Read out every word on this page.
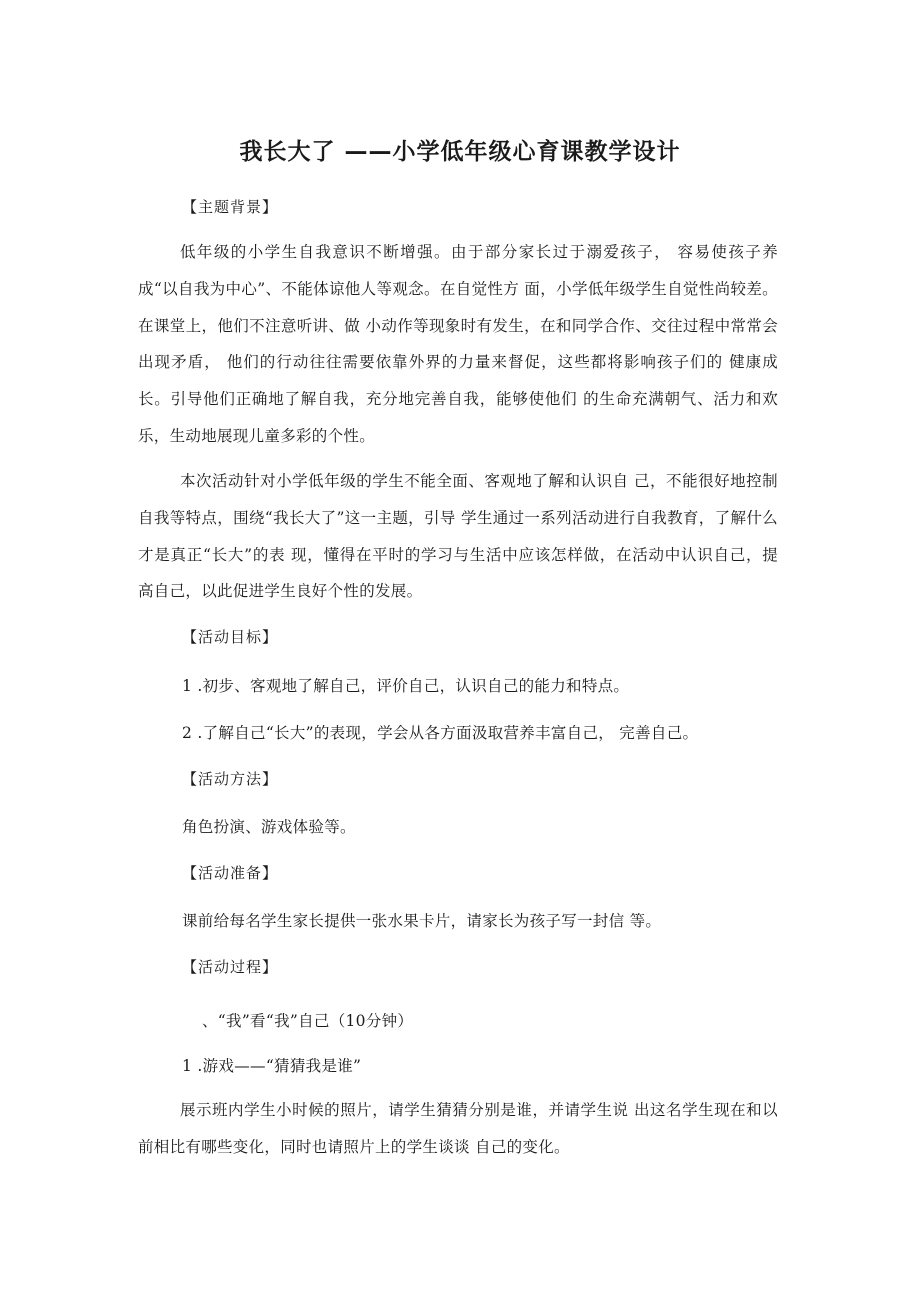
我长大了 ——小学低年级心育课教学设计
【主题背景】
低年级的小学生自我意识不断增强。由于部分家长过于溺爱孩子， 容易使孩子养成“以自我为中心”、不能体谅他人等观念。在自觉性方 面，小学低年级学生自觉性尚较差。在课堂上，他们不注意听讲、做 小动作等现象时有发生，在和同学合作、交往过程中常常会出现矛盾， 他们的行动往往需要依靠外界的力量来督促，这些都将影响孩子们的 健康成长。引导他们正确地了解自我，充分地完善自我，能够使他们 的生命充满朝气、活力和欢乐，生动地展现儿童多彩的个性。
本次活动针对小学低年级的学生不能全面、客观地了解和认识自 己，不能很好地控制自我等特点，围绕“我长大了”这一主题，引导 学生通过一系列活动进行自我教育，了解什么才是真正“长大”的表 现，懂得在平时的学习与生活中应该怎样做，在活动中认识自己，提 高自己，以此促进学生良好个性的发展。
【活动目标】
1 .初步、客观地了解自己，评价自己，认识自己的能力和特点。
2 .了解自己“长大”的表现，学会从各方面汲取营养丰富自己， 完善自己。
【活动方法】
角色扮演、游戏体验等。
【活动准备】
课前给每名学生家长提供一张水果卡片，请家长为孩子写一封信 等。
【活动过程】
、“我”看“我”自己（10分钟）
1 .游戏——“猜猜我是谁”
展示班内学生小时候的照片，请学生猜猜分别是谁，并请学生说 出这名学生现在和以前相比有哪些变化，同时也请照片上的学生谈谈 自己的变化。
